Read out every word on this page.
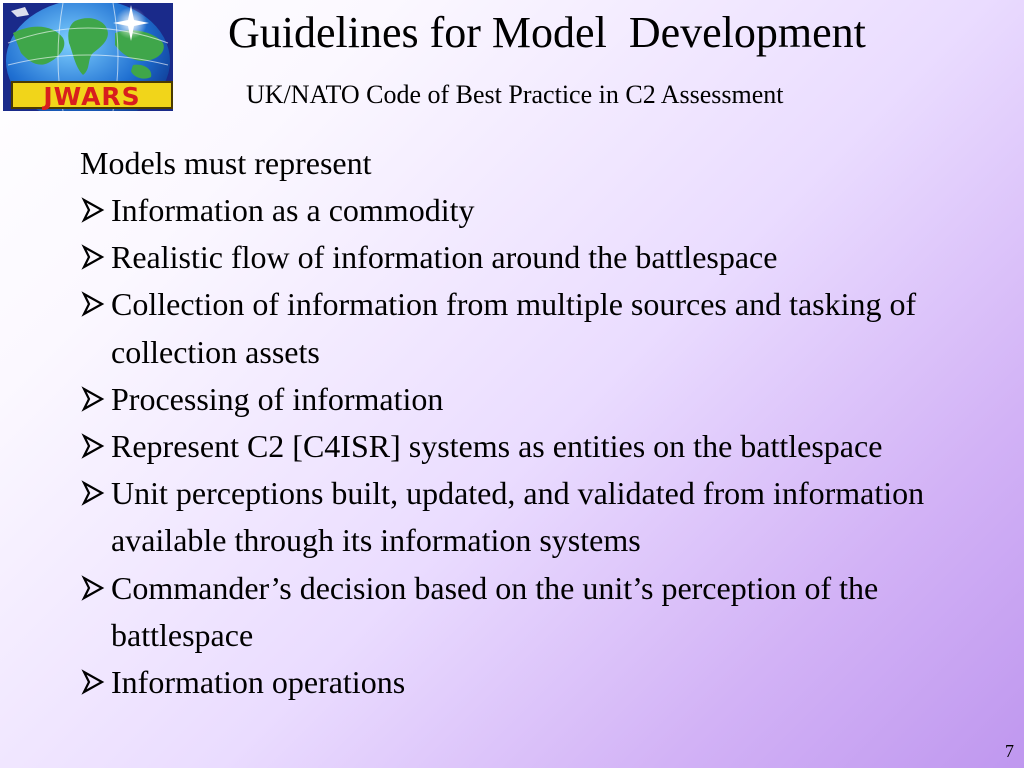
JWARS
Guidelines for Model  Development
UK/NATO Code of Best Practice in C2 Assessment
Models must represent
Information as a commodity
Realistic flow of information around the battlespace
Collection of information from multiple sources and tasking of collection assets
Processing of information
Represent C2 [C4ISR] systems as entities on the battlespace
Unit perceptions built, updated, and validated from information available through its information systems
Commander’s decision based on the unit’s perception of the battlespace
Information operations
7
